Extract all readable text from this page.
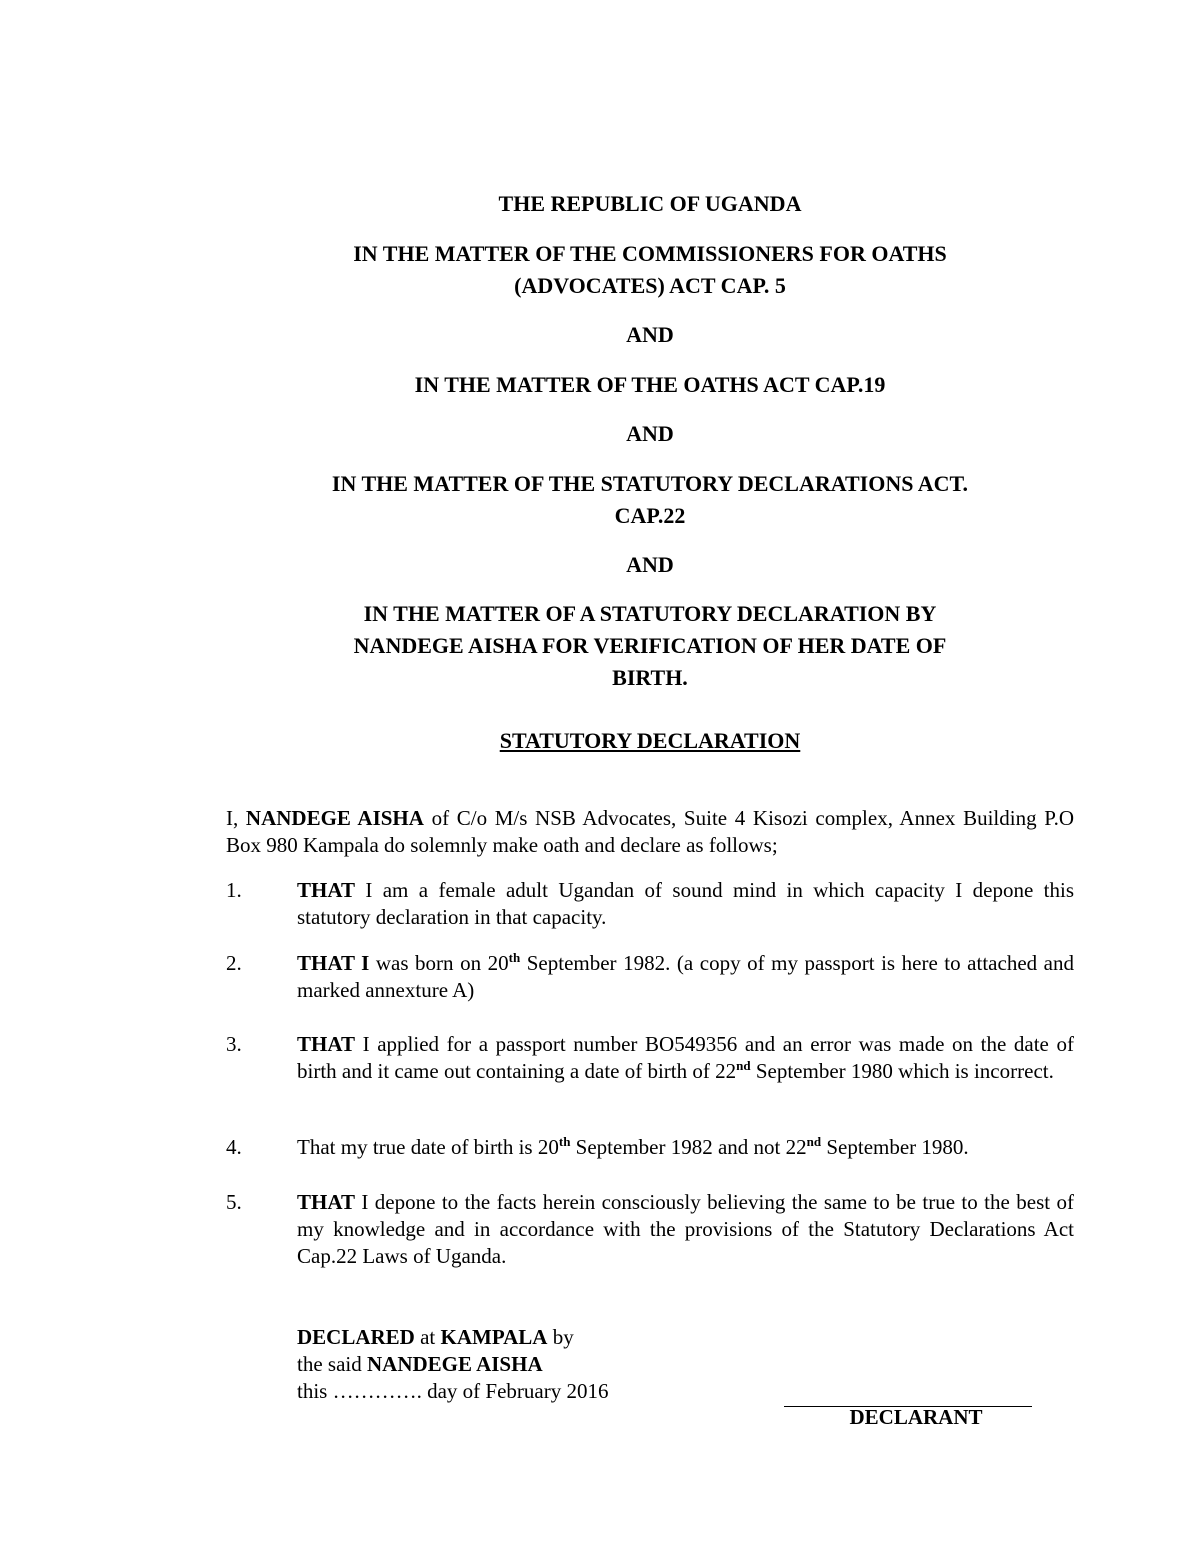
THE REPUBLIC OF UGANDA
IN THE MATTER OF THE COMMISSIONERS FOR OATHS
(ADVOCATES) ACT CAP. 5
AND
IN THE MATTER OF THE OATHS ACT CAP.19
AND
IN THE MATTER OF THE STATUTORY DECLARATIONS ACT.
CAP.22
AND
IN THE MATTER OF A STATUTORY DECLARATION BY
NANDEGE AISHA FOR VERIFICATION OF HER DATE OF
BIRTH.
STATUTORY DECLARATION
I, NANDEGE AISHA of C/o M/s NSB Advocates, Suite 4 Kisozi complex, Annex Building P.O Box 980 Kampala do solemnly make oath and declare as follows;
1.	THAT I am a female adult Ugandan of sound mind in which capacity I depone this statutory declaration in that capacity.
2.	THAT I was born on 20th September 1982. (a copy of my passport is here to attached and marked annexture A)
3.	THAT I applied for a passport number BO549356 and an error was made on the date of birth and it came out containing a date of birth of 22nd September 1980 which is incorrect.
4.	That my true date of birth is 20th September 1982 and not 22nd September 1980.
5.	THAT I depone to the facts herein consciously believing the same to be true to the best of my knowledge and in accordance with the provisions of the Statutory Declarations Act Cap.22 Laws of Uganda.
DECLARED at KAMPALA by
the said NANDEGE AISHA
this …………. day of February 2016
DECLARANT
